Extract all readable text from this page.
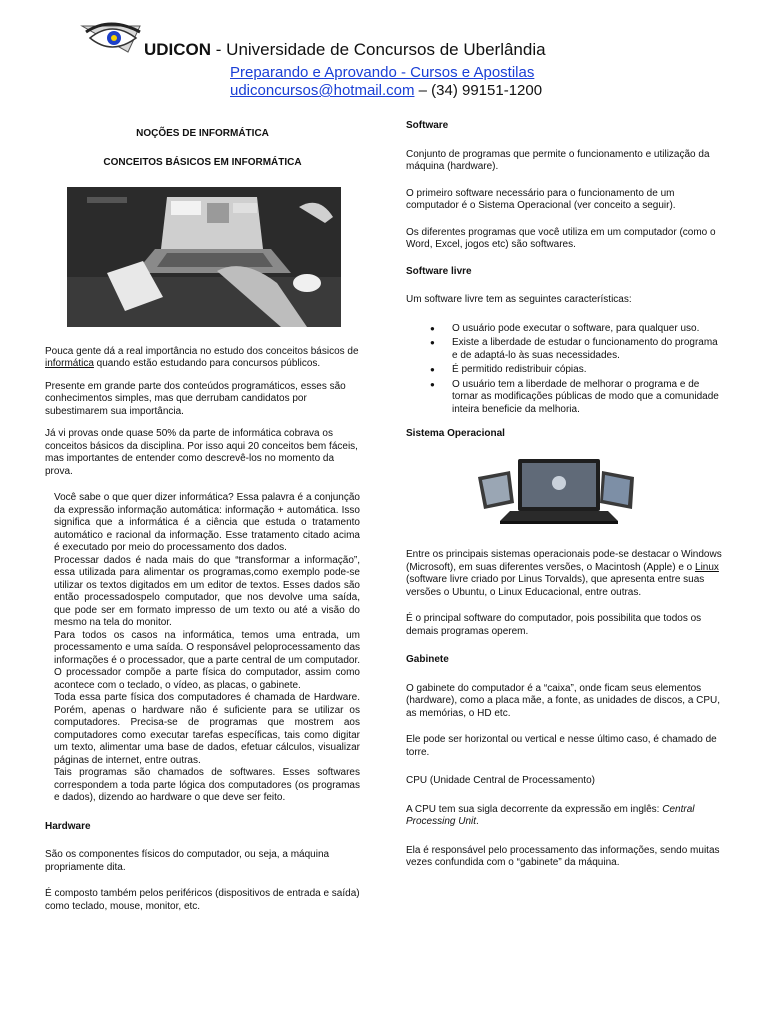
UDICON - Universidade de Concursos de Uberlândia
Preparando e Aprovando - Cursos e Apostilas
udiconcursos@hotmail.com – (34) 99151-1200

NOÇÕES DE INFORMÁTICA

CONCEITOS BÁSICOS EM INFORMÁTICA

Pouca gente dá a real importância no estudo dos conceitos básicos de informática quando estão estudando para concursos públicos.

Presente em grande parte dos conteúdos programáticos, esses são conhecimentos simples, mas que derrubam candidatos por subestimarem sua importância.

Já vi provas onde quase 50% da parte de informática cobrava os conceitos básicos da disciplina. Por isso aqui 20 conceitos bem fáceis, mas importantes de entender como descrevê-los no momento da prova.

Você sabe o que quer dizer informática? Essa palavra é a conjunção da expressão informação automática: informação + automática. Isso significa que a informática é a ciência que estuda o tratamento automático e racional da informação. Esse tratamento citado acima é executado por meio do processamento dos dados.

Processar dados é nada mais do que “transformar a informação”, essa utilizada para alimentar os programas,como exemplo pode-se utilizar os textos digitados em um editor de textos. Esses dados são então processadospelo computador, que nos devolve uma saída, que pode ser em formato impresso de um texto ou até a visão do mesmo na tela do monitor.

Para todos os casos na informática, temos uma entrada, um processamento e uma saída. O responsável peloprocessamento das informações é o processador, que a parte central de um computador. O processador compõe a parte física do computador, assim como acontece com o teclado, o vídeo, as placas, o gabinete.

Toda essa parte física dos computadores é chamada de Hardware. Porém, apenas o hardware não é suficiente para se utilizar os computadores. Precisa-se de programas que mostrem aos computadores como executar tarefas específicas, tais como digitar um texto, alimentar uma base de dados, efetuar cálculos, visualizar páginas de internet, entre outras.

Tais programas são chamados de softwares. Esses softwares correspondem a toda parte lógica dos computadores (os programas e dados), dizendo ao hardware o que deve ser feito.

Hardware

São os componentes físicos do computador, ou seja, a máquina propriamente dita.

É composto também pelos periféricos (dispositivos de entrada e saída) como teclado, mouse, monitor, etc.

Software

Conjunto de programas que permite o funcionamento e utilização da máquina (hardware).

O primeiro software necessário para o funcionamento de um computador é o Sistema Operacional (ver conceito a seguir).

Os diferentes programas que você utiliza em um computador (como o Word, Excel, jogos etc) são softwares.

Software livre

Um software livre tem as seguintes características:

● O usuário pode executar o software, para qualquer uso.
● Existe a liberdade de estudar o funcionamento do programa e de adaptá-lo às suas necessidades.
● É permitido redistribuir cópias.
● O usuário tem a liberdade de melhorar o programa e de tornar as modificações públicas de modo que a comunidade inteira beneficie da melhoria.

Sistema Operacional

Entre os principais sistemas operacionais pode-se destacar o Windows (Microsoft), em suas diferentes versões, o Macintosh (Apple) e o Linux (software livre criado por Linus Torvalds), que apresenta entre suas versões o Ubuntu, o Linux Educacional, entre outras.

É o principal software do computador, pois possibilita que todos os demais programas operem.

Gabinete

O gabinete do computador é a “caixa”, onde ficam seus elementos (hardware), como a placa mãe, a fonte, as unidades de discos, a CPU, as memórias, o HD etc.

Ele pode ser horizontal ou vertical e nesse último caso, é chamado de torre.

CPU (Unidade Central de Processamento)

A CPU tem sua sigla decorrente da expressão em inglês: Central Processing Unit.

Ela é responsável pelo processamento das informações, sendo muitas vezes confundida com o “gabinete” da máquina.
